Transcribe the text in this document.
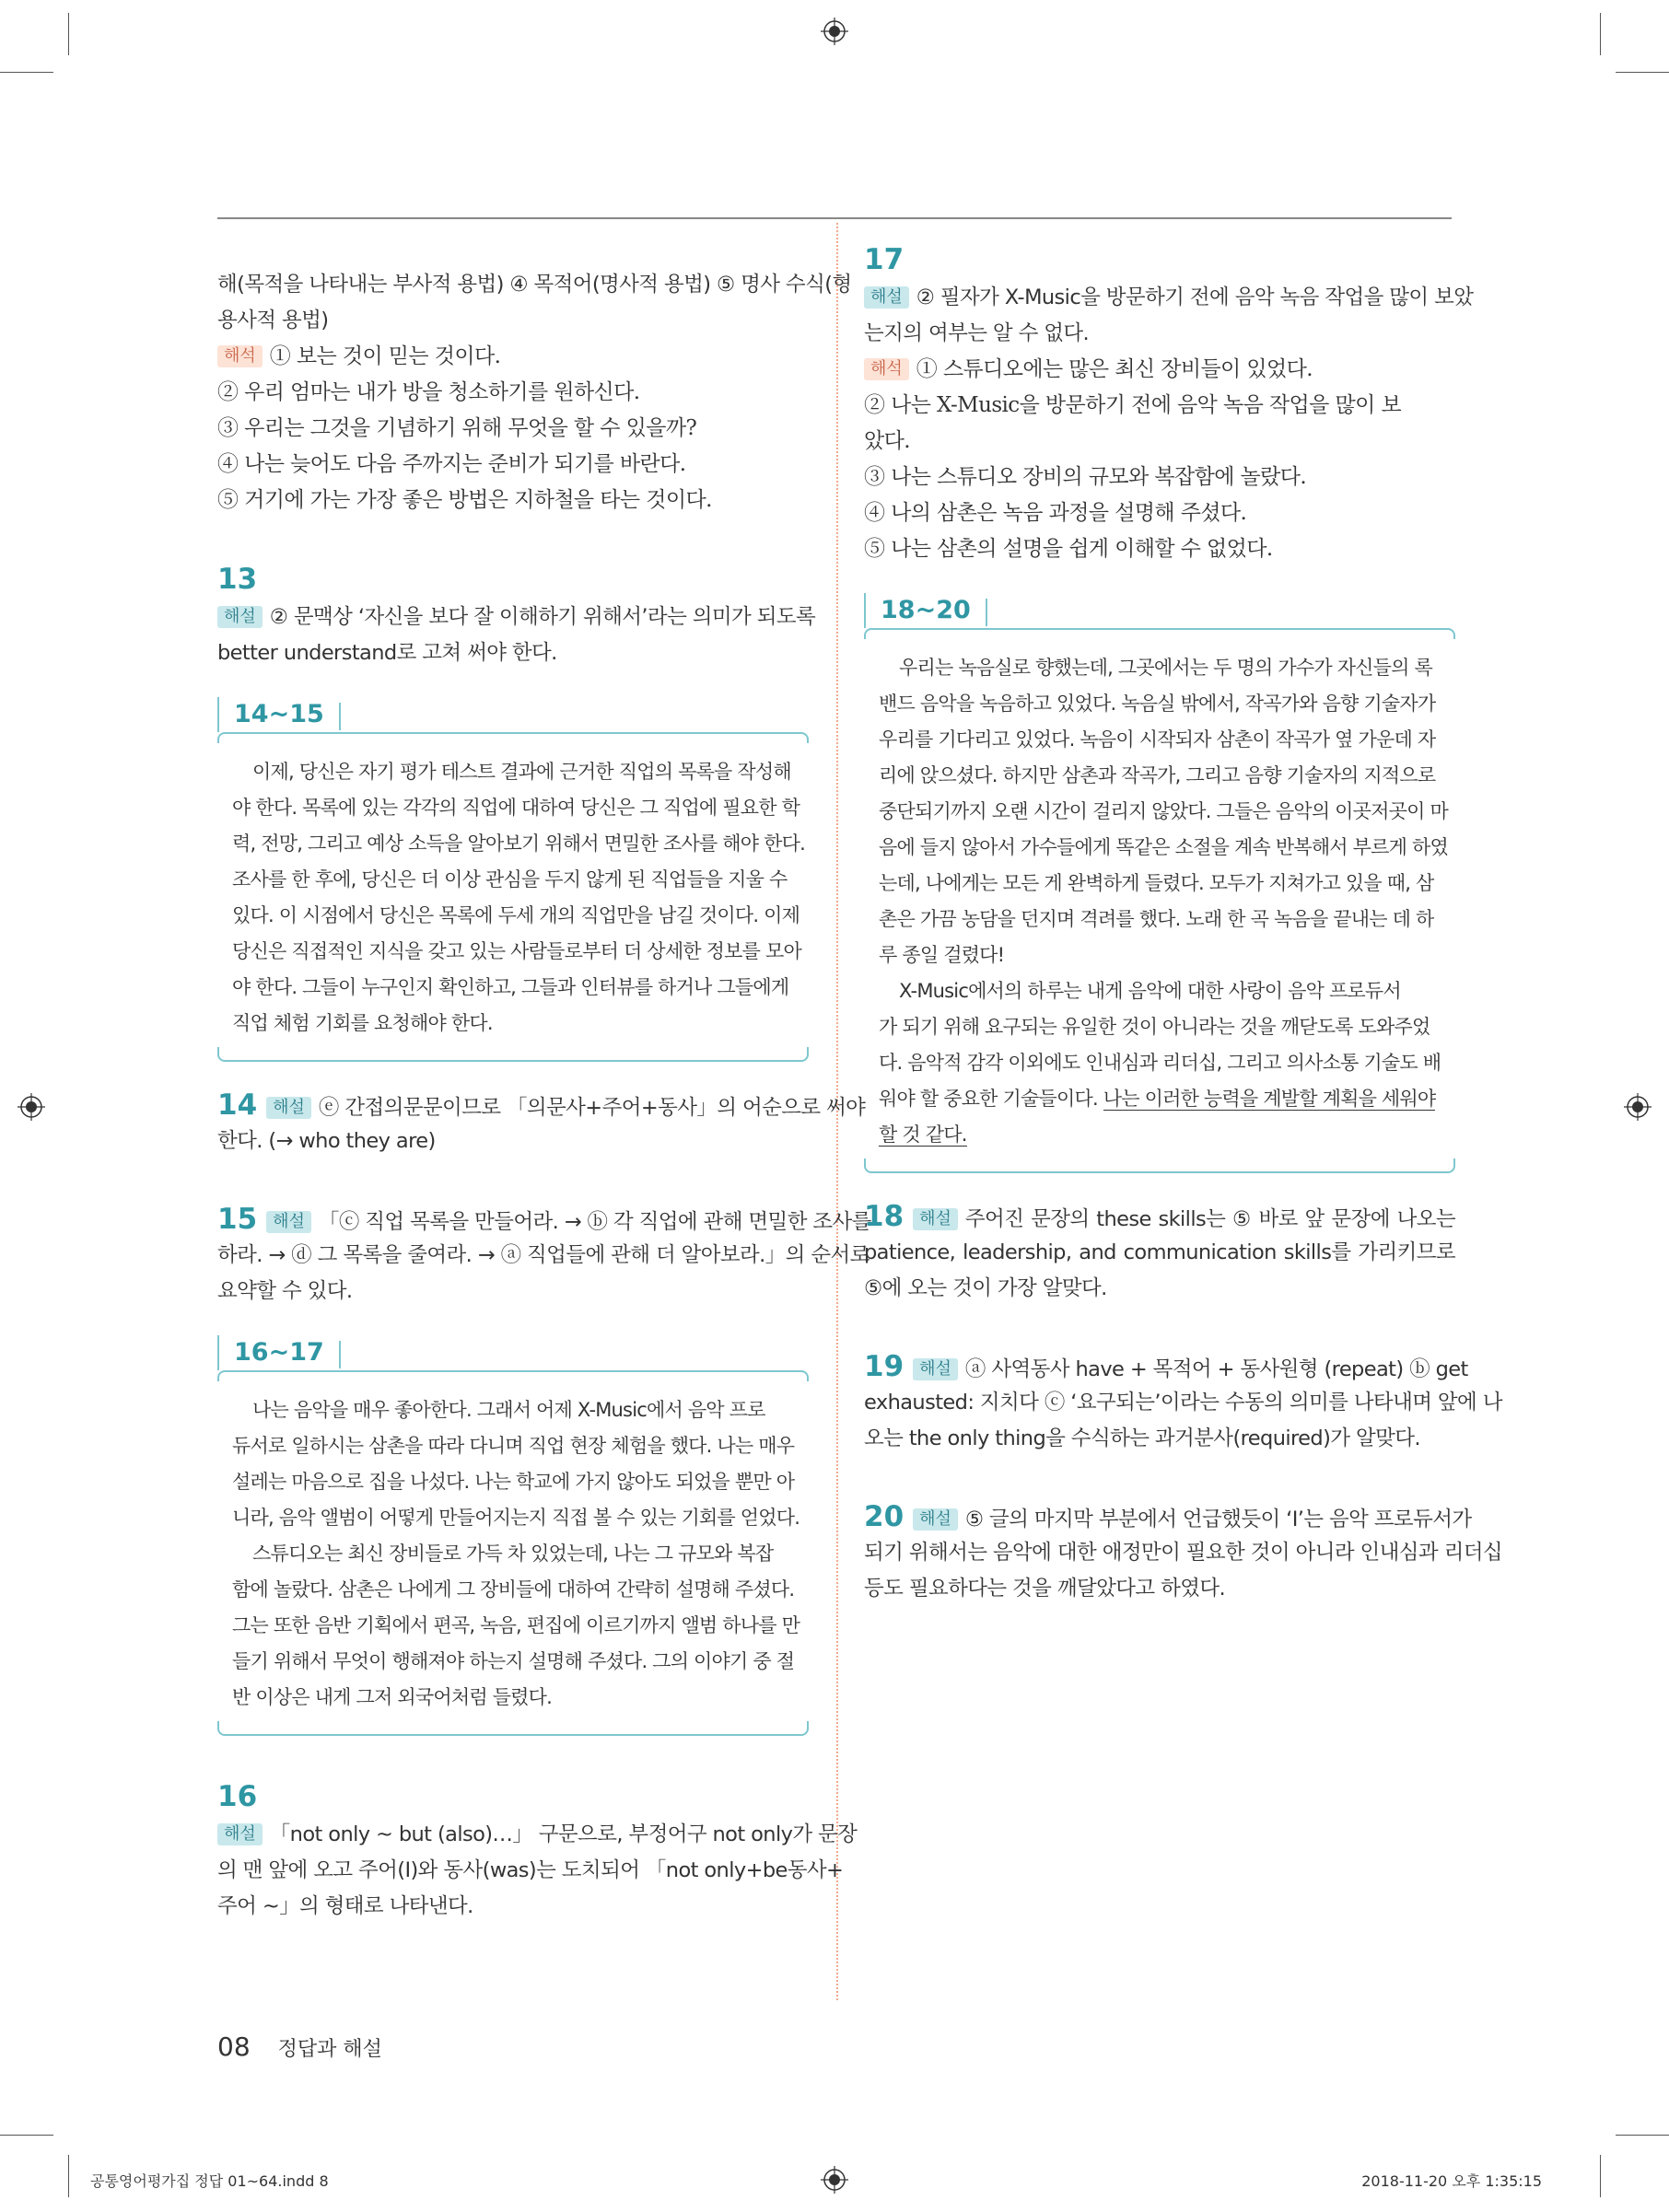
해(목적을 나타내는 부사적 용법) ④ 목적어(명사적 용법) ⑤ 명사 수식(형
용사적 용법)
해석 ① 보는 것이 믿는 것이다.
② 우리 엄마는 내가 방을 청소하기를 원하신다.
③ 우리는 그것을 기념하기 위해 무엇을 할 수 있을까?
④ 나는 늦어도 다음 주까지는 준비가 되기를 바란다.
⑤ 거기에 가는 가장 좋은 방법은 지하철을 타는 것이다.
13
해설 ② 문맥상 ‘자신을 보다 잘 이해하기 위해서’라는 의미가 되도록
better understand로 고쳐 써야 한다.
14~15
이제, 당신은 자기 평가 테스트 결과에 근거한 직업의 목록을 작성해
야 한다. 목록에 있는 각각의 직업에 대하여 당신은 그 직업에 필요한 학
력, 전망, 그리고 예상 소득을 알아보기 위해서 면밀한 조사를 해야 한다.
조사를 한 후에, 당신은 더 이상 관심을 두지 않게 된 직업들을 지울 수
있다. 이 시점에서 당신은 목록에 두세 개의 직업만을 남길 것이다. 이제
당신은 직접적인 지식을 갖고 있는 사람들로부터 더 상세한 정보를 모아
야 한다. 그들이 누구인지 확인하고, 그들과 인터뷰를 하거나 그들에게
직업 체험 기회를 요청해야 한다.
14 해설 ⓔ 간접의문문이므로 「의문사+주어+동사」의 어순으로 써야
한다. (→ who they are)
15 해설 「ⓒ 직업 목록을 만들어라. → ⓑ 각 직업에 관해 면밀한 조사를
하라. → ⓓ 그 목록을 줄여라. → ⓐ 직업들에 관해 더 알아보라.」의 순서로
요약할 수 있다.
16~17
나는 음악을 매우 좋아한다. 그래서 어제 X-Music에서 음악 프로
듀서로 일하시는 삼촌을 따라 다니며 직업 현장 체험을 했다. 나는 매우
설레는 마음으로 집을 나섰다. 나는 학교에 가지 않아도 되었을 뿐만 아
니라, 음악 앨범이 어떻게 만들어지는지 직접 볼 수 있는 기회를 얻었다.
스튜디오는 최신 장비들로 가득 차 있었는데, 나는 그 규모와 복잡
함에 놀랐다. 삼촌은 나에게 그 장비들에 대하여 간략히 설명해 주셨다.
그는 또한 음반 기획에서 편곡, 녹음, 편집에 이르기까지 앨범 하나를 만
들기 위해서 무엇이 행해져야 하는지 설명해 주셨다. 그의 이야기 중 절
반 이상은 내게 그저 외국어처럼 들렸다.
16
해설 「not only ~ but (also)…」 구문으로, 부정어구 not only가 문장
의 맨 앞에 오고 주어(I)와 동사(was)는 도치되어 「not only+be동사+
주어 ~」의 형태로 나타낸다.
17
해설 ② 필자가 X-Music을 방문하기 전에 음악 녹음 작업을 많이 보았
는지의 여부는 알 수 없다.
해석 ① 스튜디오에는 많은 최신 장비들이 있었다.
② 나는 X-Music을 방문하기 전에 음악 녹음 작업을 많이 보
았다.
③ 나는 스튜디오 장비의 규모와 복잡함에 놀랐다.
④ 나의 삼촌은 녹음 과정을 설명해 주셨다.
⑤ 나는 삼촌의 설명을 쉽게 이해할 수 없었다.
18~20
우리는 녹음실로 향했는데, 그곳에서는 두 명의 가수가 자신들의 록
밴드 음악을 녹음하고 있었다. 녹음실 밖에서, 작곡가와 음향 기술자가
우리를 기다리고 있었다. 녹음이 시작되자 삼촌이 작곡가 옆 가운데 자
리에 앉으셨다. 하지만 삼촌과 작곡가, 그리고 음향 기술자의 지적으로
중단되기까지 오랜 시간이 걸리지 않았다. 그들은 음악의 이곳저곳이 마
음에 들지 않아서 가수들에게 똑같은 소절을 계속 반복해서 부르게 하였
는데, 나에게는 모든 게 완벽하게 들렸다. 모두가 지쳐가고 있을 때, 삼
촌은 가끔 농담을 던지며 격려를 했다. 노래 한 곡 녹음을 끝내는 데 하
루 종일 걸렸다!
X-Music에서의 하루는 내게 음악에 대한 사랑이 음악 프로듀서
가 되기 위해 요구되는 유일한 것이 아니라는 것을 깨닫도록 도와주었
다. 음악적 감각 이외에도 인내심과 리더십, 그리고 의사소통 기술도 배
워야 할 중요한 기술들이다. 나는 이러한 능력을 계발할 계획을 세워야
할 것 같다.
18 해설 주어진 문장의 these skills는 ⑤ 바로 앞 문장에 나오는
patience, leadership, and communication skills를 가리키므로
⑤에 오는 것이 가장 알맞다.
19 해설 ⓐ 사역동사 have + 목적어 + 동사원형 (repeat) ⓑ get
exhausted: 지치다 ⓒ ‘요구되는’이라는 수동의 의미를 나타내며 앞에 나
오는 the only thing을 수식하는 과거분사(required)가 알맞다.
20 해설 ⑤ 글의 마지막 부분에서 언급했듯이 ‘I’는 음악 프로듀서가
되기 위해서는 음악에 대한 애정만이 필요한 것이 아니라 인내심과 리더십
등도 필요하다는 것을 깨달았다고 하였다.
08 정답과 해설
공통영어평가집 정답 01~64.indd 8	2018-11-20 오후 1:35:15
